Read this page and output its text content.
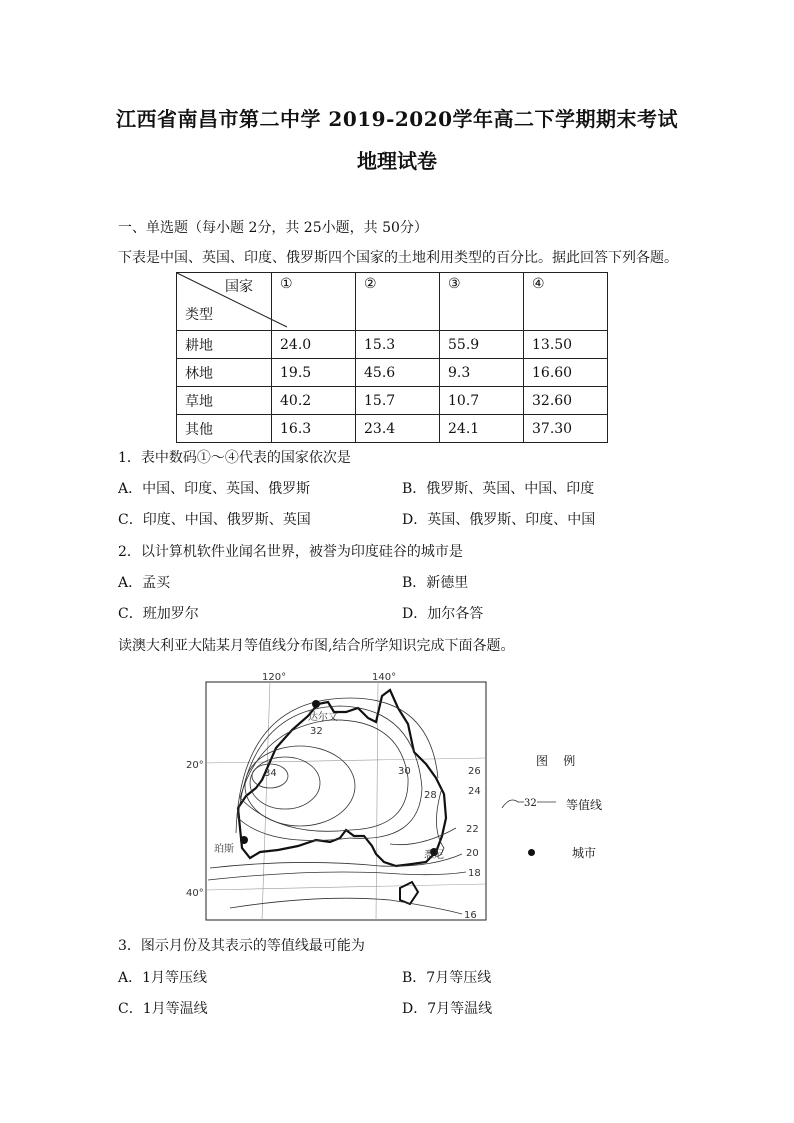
江西省南昌市第二中学 2019-2020学年高二下学期期末考试
地理试卷
一、单选题（每小题 2分，共 25小题，共 50分）
下表是中国、英国、印度、俄罗斯四个国家的土地利用类型的百分比。据此回答下列各题。
国家
类型	①	②	③	④
耕地	24.0	15.3	55.9	13.50
林地	19.5	45.6	9.3	16.60
草地	40.2	15.7	10.7	32.60
其他	16.3	23.4	24.1	37.30
1．表中数码①～④代表的国家依次是
A．中国、印度、英国、俄罗斯	B．俄罗斯、英国、中国、印度
C．印度、中国、俄罗斯、英国	D．英国、俄罗斯、印度、中国
2．以计算机软件业闻名世界，被誉为印度硅谷的城市是
A．孟买	B．新德里
C．班加罗尔	D．加尔各答
读澳大利亚大陆某月等值线分布图,结合所学知识完成下面各题。
120°	140°
20°
40°
达尔文
珀斯
悉尼
32
34	30
28
26
24
22
20
18
16
图    例
32 等值线
城市
3．图示月份及其表示的等值线最可能为
A．1月等压线	B．7月等压线
C．1月等温线	D．7月等温线
